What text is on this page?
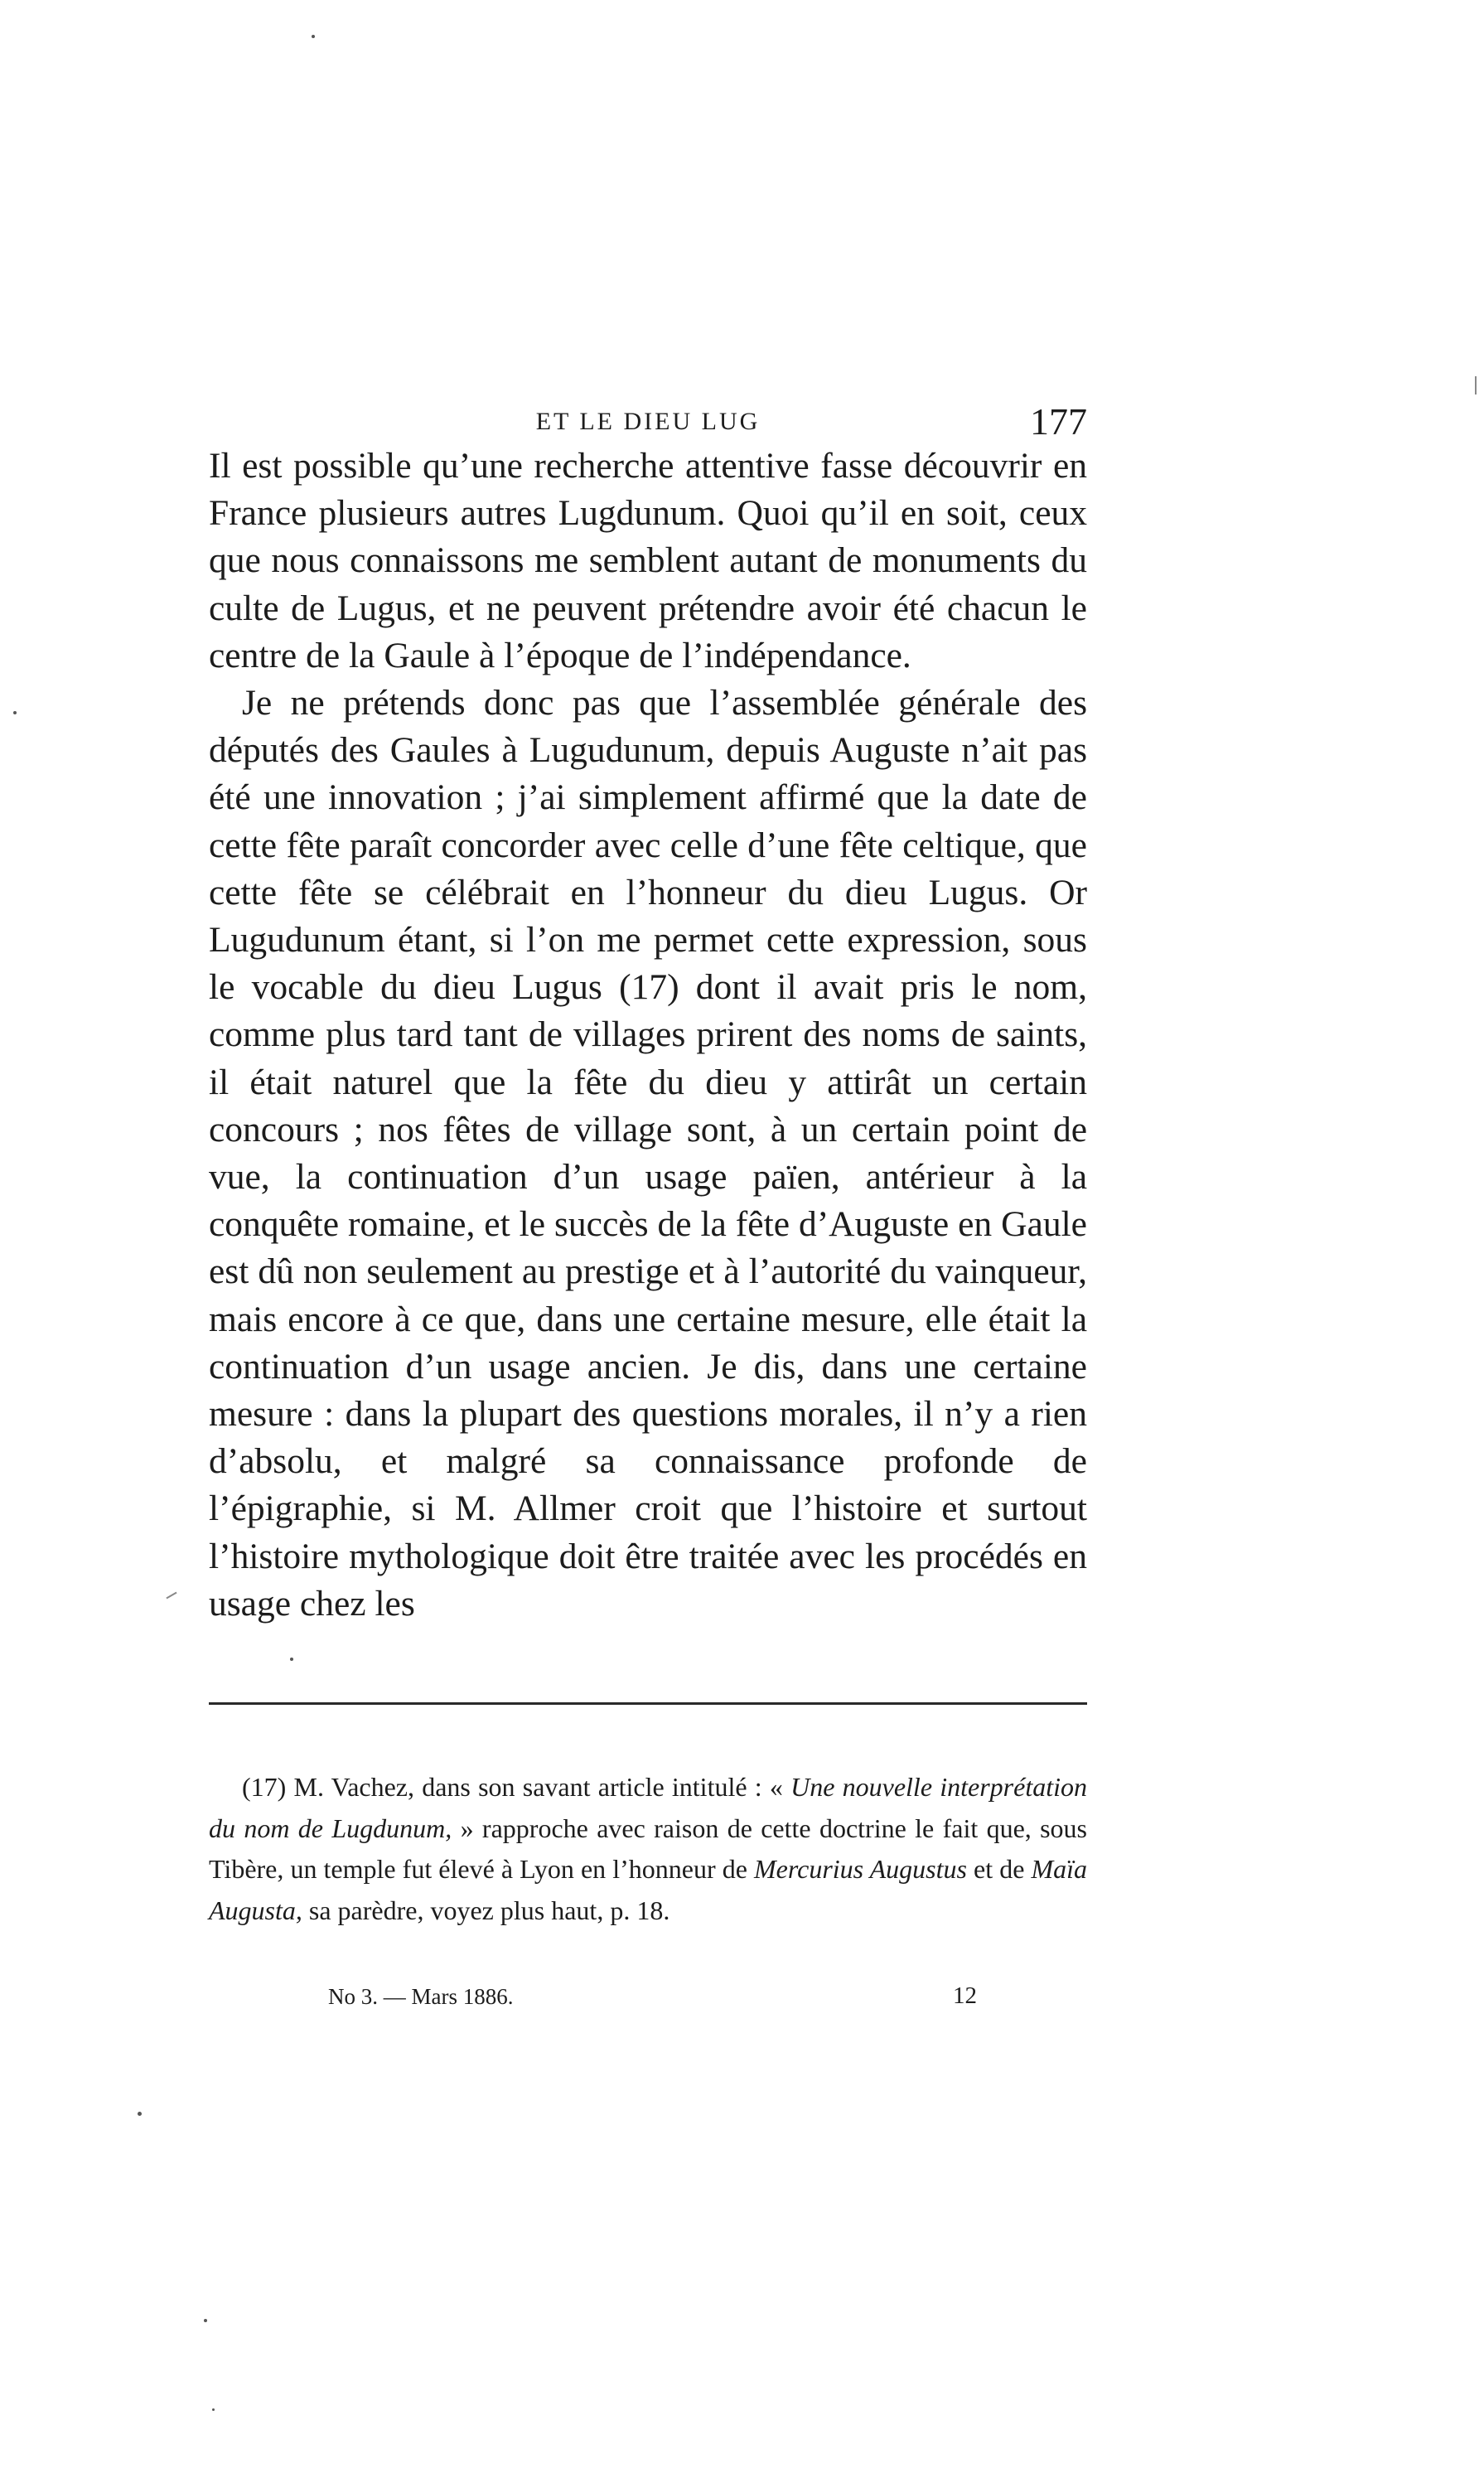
ET LE DIEU LUG	177

Il est possible qu’une recherche attentive fasse découvrir en France plusieurs autres Lugdunum. Quoi qu’il en soit, ceux que nous connaissons me semblent autant de monuments du culte de Lugus, et ne peuvent prétendre avoir été chacun le centre de la Gaule à l’époque de l’indépendance.

Je ne prétends donc pas que l’assemblée générale des députés des Gaules à Lugudunum, depuis Auguste n’ait pas été une innovation ; j’ai simplement affirmé que la date de cette fête paraît concorder avec celle d’une fête celtique, que cette fête se célébrait en l’honneur du dieu Lugus. Or Lugudunum étant, si l’on me permet cette expression, sous le vocable du dieu Lugus (17) dont il avait pris le nom, comme plus tard tant de villages prirent des noms de saints, il était naturel que la fête du dieu y attirât un certain concours ; nos fêtes de village sont, à un certain point de vue, la continuation d’un usage païen, antérieur à la conquête romaine, et le succès de la fête d’Auguste en Gaule est dû non seulement au prestige et à l’autorité du vainqueur, mais encore à ce que, dans une certaine mesure, elle était la continuation d’un usage ancien. Je dis, dans une certaine mesure : dans la plupart des questions morales, il n’y a rien d’absolu, et malgré sa connaissance profonde de l’épigraphie, si M. Allmer croit que l’histoire et surtout l’histoire mythologique doit être traitée avec les procédés en usage chez les

(17) M. Vachez, dans son savant article intitulé : « Une nouvelle interprétation du nom de Lugdunum, » rapproche avec raison de cette doctrine le fait que, sous Tibère, un temple fut élevé à Lyon en l’honneur de Mercurius Augustus et de Maïa Augusta, sa parèdre, voyez plus haut, p. 18.
No 3. — Mars 1886.	12
